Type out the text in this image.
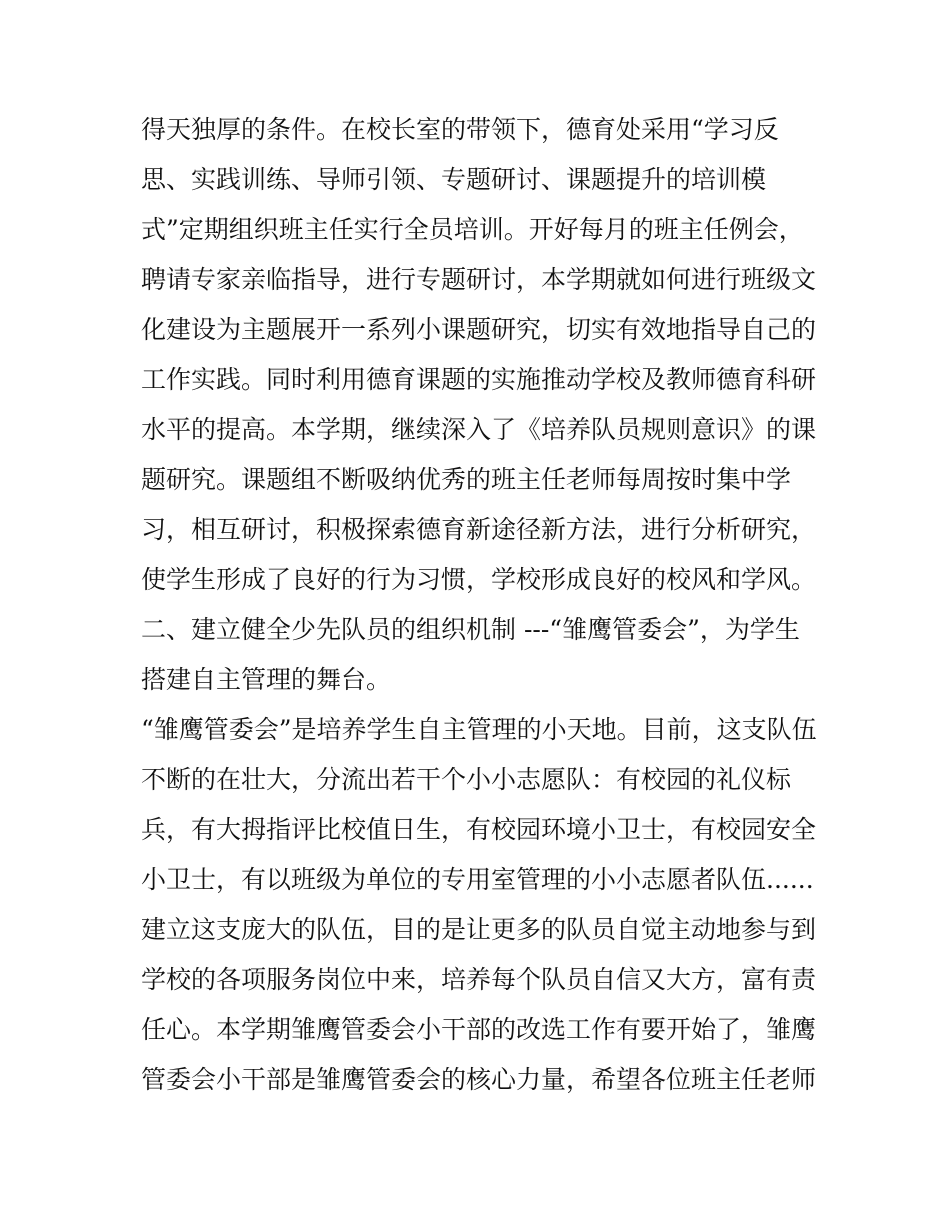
得天独厚的条件。在校长室的带领下，德育处采用“学习反
思、实践训练、导师引领、专题研讨、课题提升的培训模
式”定期组织班主任实行全员培训。开好每月的班主任例会，
聘请专家亲临指导，进行专题研讨，本学期就如何进行班级文
化建设为主题展开一系列小课题研究，切实有效地指导自己的
工作实践。同时利用德育课题的实施推动学校及教师德育科研
水平的提高。本学期，继续深入了《培养队员规则意识》的课
题研究。课题组不断吸纳优秀的班主任老师每周按时集中学
习，相互研讨，积极探索德育新途径新方法，进行分析研究，
使学生形成了良好的行为习惯，学校形成良好的校风和学风。
二、建立健全少先队员的组织机制 ---“雏鹰管委会”，为学生
搭建自主管理的舞台。
“雏鹰管委会”是培养学生自主管理的小天地。目前，这支队伍
不断的在壮大，分流出若干个小小志愿队：有校园的礼仪标
兵，有大拇指评比校值日生，有校园环境小卫士，有校园安全
小卫士，有以班级为单位的专用室管理的小小志愿者队伍......
建立这支庞大的队伍，目的是让更多的队员自觉主动地参与到
学校的各项服务岗位中来，培养每个队员自信又大方，富有责
任心。本学期雏鹰管委会小干部的改选工作有要开始了，雏鹰
管委会小干部是雏鹰管委会的核心力量，希望各位班主任老师
